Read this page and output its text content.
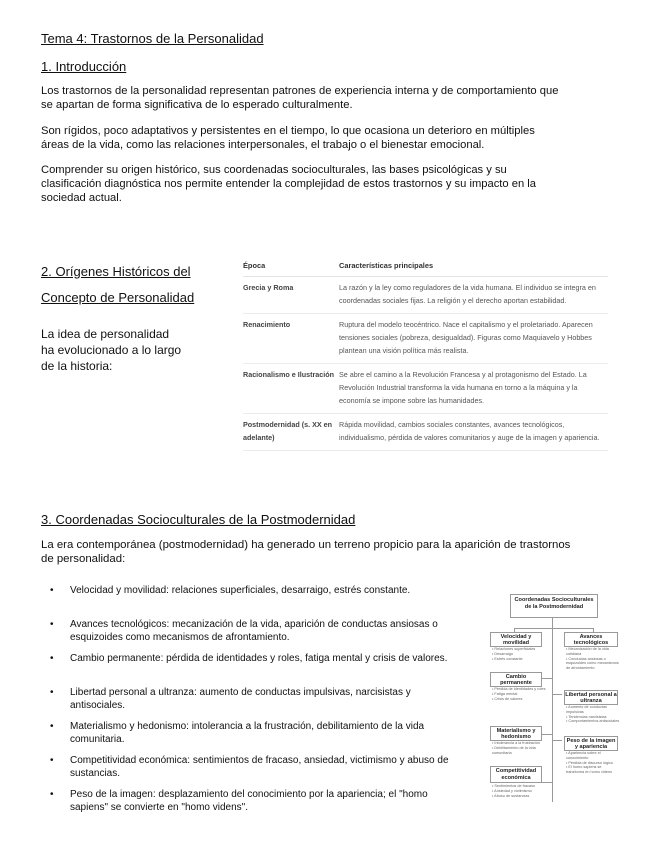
Tema 4: Trastornos de la Personalidad
1. Introducción
Los trastornos de la personalidad representan patrones de experiencia interna y de comportamiento que
se apartan de forma significativa de lo esperado culturalmente.
Son rígidos, poco adaptativos y persistentes en el tiempo, lo que ocasiona un deterioro en múltiples
áreas de la vida, como las relaciones interpersonales, el trabajo o el bienestar emocional.
Comprender su origen histórico, sus coordenadas socioculturales, las bases psicológicas y su
clasificación diagnóstica nos permite entender la complejidad de estos trastornos y su impacto en la
sociedad actual.
2. Orígenes Históricos del
Concepto de Personalidad
La idea de personalidad
ha evolucionado a lo largo
de la historia:
Época	Características principales
Grecia y Roma	La razón y la ley como reguladores de la vida humana. El individuo se integra en coordenadas sociales fijas. La religión y el derecho aportan estabilidad.
Renacimiento	Ruptura del modelo teocéntrico. Nace el capitalismo y el proletariado. Aparecen tensiones sociales (pobreza, desigualdad). Figuras como Maquiavelo y Hobbes plantean una visión política más realista.
Racionalismo e Ilustración	Se abre el camino a la Revolución Francesa y al protagonismo del Estado. La Revolución Industrial transforma la vida humana en torno a la máquina y la economía se impone sobre las humanidades.
Postmodernidad (s. XX en adelante)	Rápida movilidad, cambios sociales constantes, avances tecnológicos, individualismo, pérdida de valores comunitarios y auge de la imagen y apariencia.
3. Coordenadas Socioculturales de la Postmodernidad
La era contemporánea (postmodernidad) ha generado un terreno propicio para la aparición de trastornos
de personalidad:
• Velocidad y movilidad: relaciones superficiales, desarraigo, estrés constante.
• Avances tecnológicos: mecanización de la vida, aparición de conductas ansiosas o esquizoides como mecanismos de afrontamiento.
• Cambio permanente: pérdida de identidades y roles, fatiga mental y crisis de valores.
• Libertad personal a ultranza: aumento de conductas impulsivas, narcisistas y antisociales.
• Materialismo y hedonismo: intolerancia a la frustración, debilitamiento de la vida comunitaria.
• Competitividad económica: sentimientos de fracaso, ansiedad, victimismo y abuso de sustancias.
• Peso de la imagen: desplazamiento del conocimiento por la apariencia; el "homo sapiens" se convierte en "homo videns".
Coordenadas Socioculturales de la Postmodernidad
Velocidad y movilidad
• Relaciones superficiales
• Desarraigo
• Estrés constante
Cambio permanente
• Pérdida de identidades y roles
• Fatiga mental
• Crisis de valores
Materialismo y hedonismo
• Intolerancia a la frustración
• Debilitamiento de la vida comunitaria
Competitividad económica
• Sentimientos de fracaso
• Ansiedad y victimismo
• Abuso de sustancias
Avances tecnológicos
• Mecanización de la vida cotidiana
• Conductas ansiosas o esquizoides como mecanismos de afrontamiento
Libertad personal a ultranza
• Aumento de conductas impulsivas
• Tendencias narcisistas
• Comportamientos antisociales
Peso de la imagen y apariencia
• Apariencia sobre el conocimiento
• Pérdida de discurso lógico
• El homo sapiens se transforma en homo videns
